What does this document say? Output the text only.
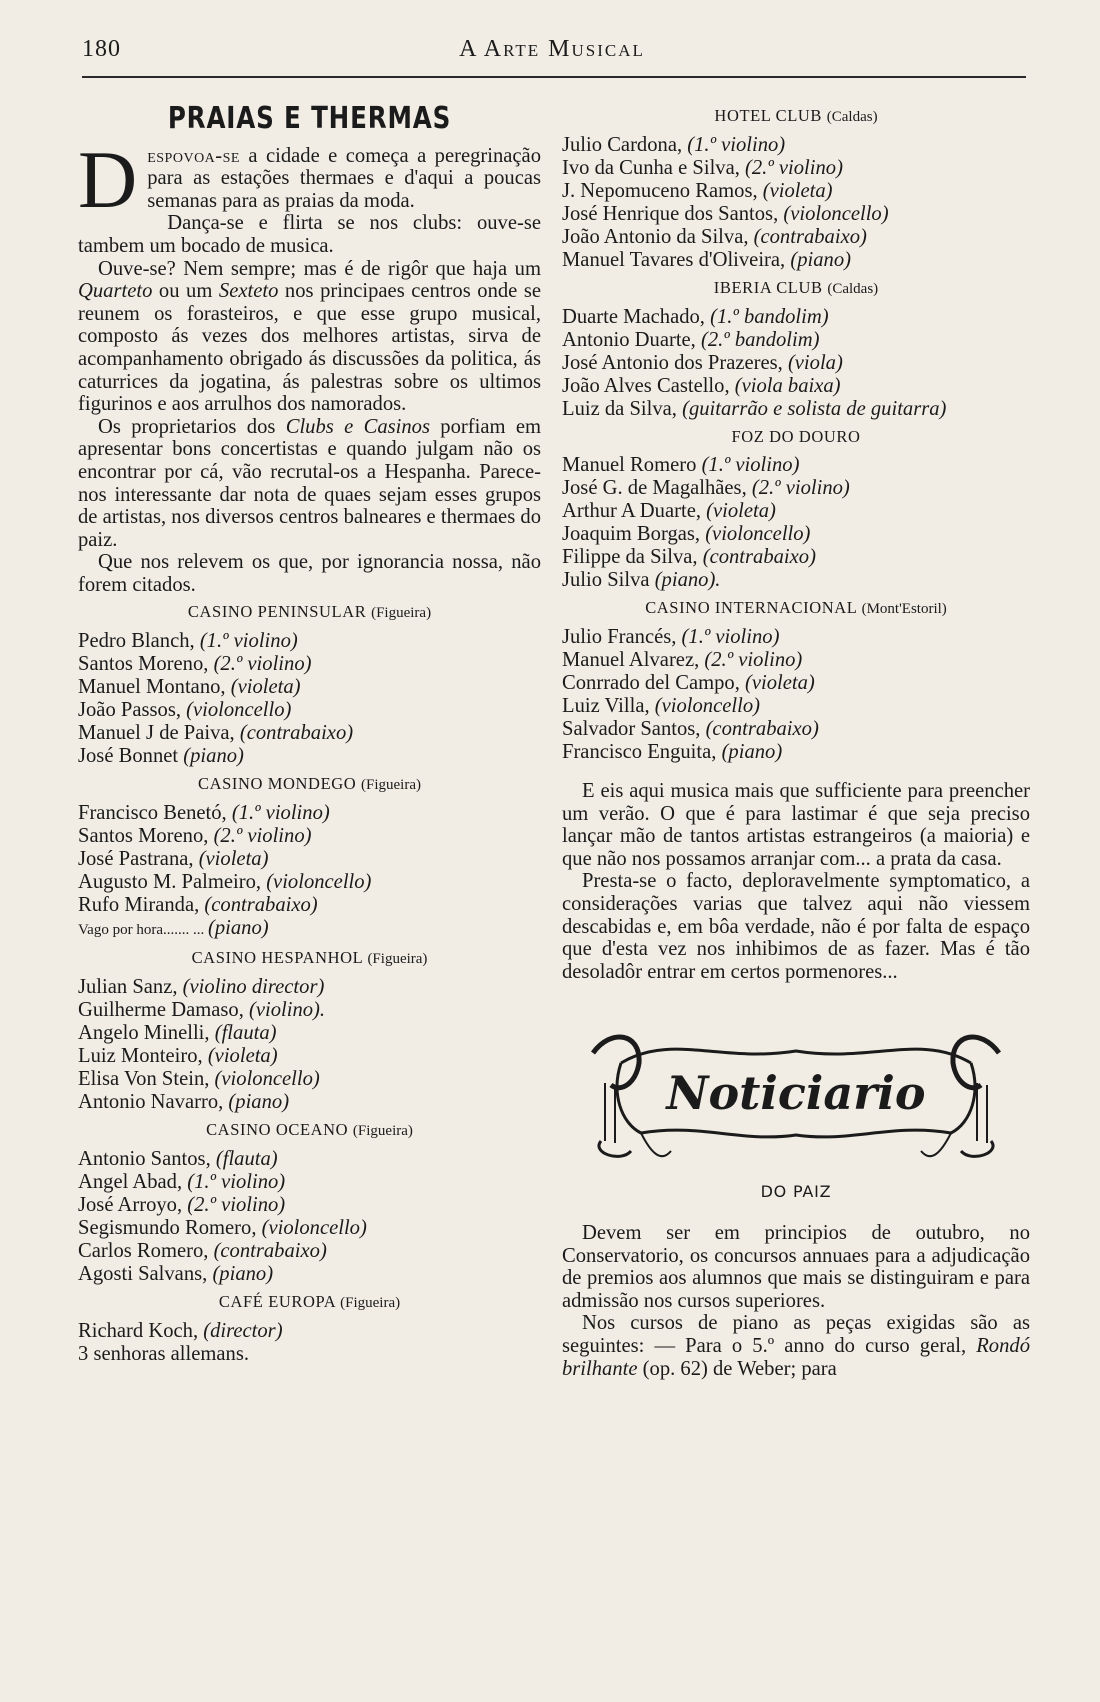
180	A Arte Musical
PRAIAS E THERMAS

Despovoa-se a cidade e começa a peregrinação para as estações thermaes e d'aqui a poucas semanas para as praias da moda.

Dança-se e flirta se nos clubs: ouve-se tambem um bocado de musica.

Ouve-se? Nem sempre; mas é de rigôr que haja um Quarteto ou um Sexteto nos principaes centros onde se reunem os forasteiros, e que esse grupo musical, composto ás vezes dos melhores artistas, sirva de acompanhamento obrigado ás discussões da politica, ás caturrices da jogatina, ás palestras sobre os ultimos figurinos e aos arrulhos dos namorados.

Os proprietarios dos Clubs e Casinos porfiam em apresentar bons concertistas e quando julgam não os encontrar por cá, vão recrutal-os a Hespanha. Parece-nos interessante dar nota de quaes sejam esses grupos de artistas, nos diversos centros balneares e thermaes do paiz.

Que nos relevem os que, por ignorancia nossa, não forem citados.

CASINO PENINSULAR (Figueira)
Pedro Blanch, (1.º violino)
Santos Moreno, (2.º violino)
Manuel Montano, (violeta)
João Passos, (violoncello)
Manuel J de Paiva, (contrabaixo)
José Bonnet (piano)
CASINO MONDEGO (Figueira)
Francisco Benetó, (1.º violino)
Santos Moreno, (2.º violino)
José Pastrana, (violeta)
Augusto M. Palmeiro, (violoncello)
Rufo Miranda, (contrabaixo)
Vago por hora....... ... (piano)
CASINO HESPANHOL (Figueira)
Julian Sanz, (violino director)
Guilherme Damaso, (violino).
Angelo Minelli, (flauta)
Luiz Monteiro, (violeta)
Elisa Von Stein, (violoncello)
Antonio Navarro, (piano)
CASINO OCEANO (Figueira)
Antonio Santos, (flauta)
Angel Abad, (1.º violino)
José Arroyo, (2.º violino)
Segismundo Romero, (violoncello)
Carlos Romero, (contrabaixo)
Agosti Salvans, (piano)
CAFÉ EUROPA (Figueira)
Richard Koch, (director)
3 senhoras allemans.
HOTEL CLUB (Caldas)
Julio Cardona, (1.º violino)
Ivo da Cunha e Silva, (2.º violino)
J. Nepomuceno Ramos, (violeta)
José Henrique dos Santos, (violoncello)
João Antonio da Silva, (contrabaixo)
Manuel Tavares d'Oliveira, (piano)
IBERIA CLUB (Caldas)
Duarte Machado, (1.º bandolim)
Antonio Duarte, (2.º bandolim)
José Antonio dos Prazeres, (viola)
João Alves Castello, (viola baixa)
Luiz da Silva, (guitarrão e solista de guitarra)
FOZ DO DOURO
Manuel Romero (1.º violino)
José G. de Magalhães, (2.º violino)
Arthur A Duarte, (violeta)
Joaquim Borgas, (violoncello)
Filippe da Silva, (contrabaixo)
Julio Silva (piano).
CASINO INTERNACIONAL (Mont'Estoril)
Julio Francés, (1.º violino)
Manuel Alvarez, (2.º violino)
Conrrado del Campo, (violeta)
Luiz Villa, (violoncello)
Salvador Santos, (contrabaixo)
Francisco Enguita, (piano)

E eis aqui musica mais que sufficiente para preencher um verão. O que é para lastimar é que seja preciso lançar mão de tantos artistas estrangeiros (a maioria) e que não nos possamos arranjar com... a prata da casa.

Presta-se o facto, deploravelmente symptomatico, a considerações varias que talvez aqui não viessem descabidas e, em bôa verdade, não é por falta de espaço que d'esta vez nos inhibimos de as fazer. Mas é tão desoladôr entrar em certos pormenores...

Noticiario
DO PAIZ

Devem ser em principios de outubro, no Conservatorio, os concursos annuaes para a adjudicação de premios aos alumnos que mais se distinguiram e para admissão nos cursos superiores.

Nos cursos de piano as peças exigidas são as seguintes: — Para o 5.º anno do curso geral, Rondó brilhante (op. 62) de Weber; para
